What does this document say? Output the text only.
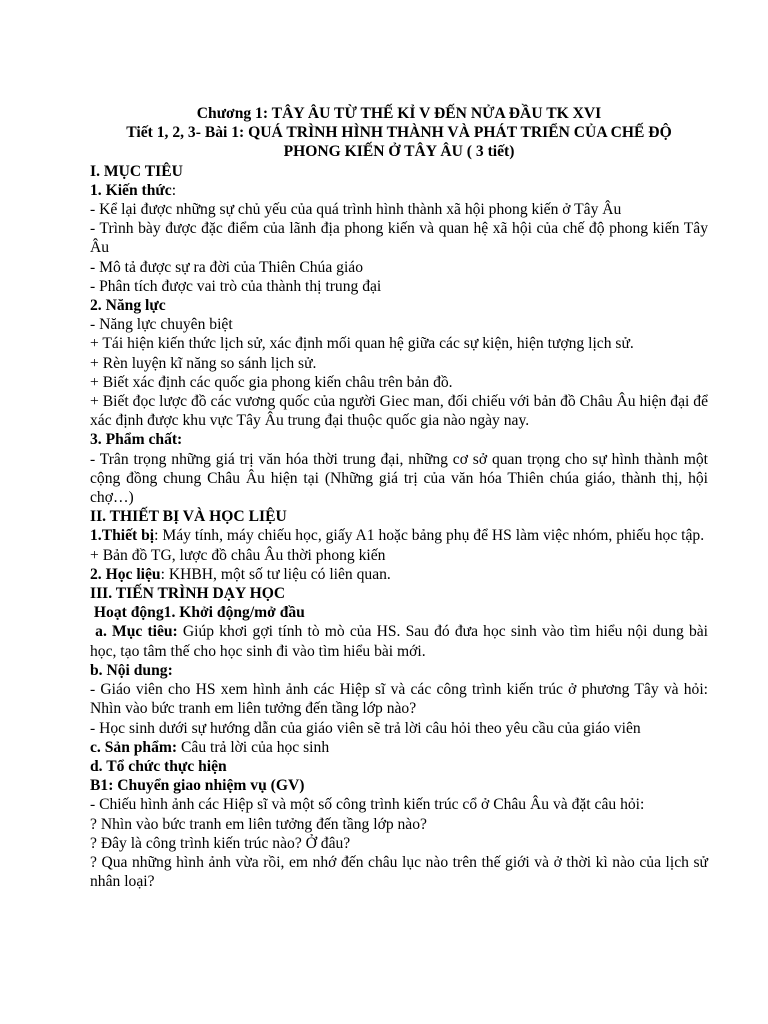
Chương 1: TÂY ÂU TỪ THẾ KỈ V ĐẾN NỬA ĐẦU TK XVI

Tiết 1, 2, 3- Bài 1: QUÁ TRÌNH HÌNH THÀNH VÀ PHÁT TRIỂN CỦA CHẾ ĐỘ

PHONG KIẾN Ở TÂY ÂU ( 3 tiết)

I. MỤC TIÊU

1. Kiến thức:

- Kể lại được những sự chủ yếu của quá trình hình thành xã hội phong kiến ở Tây Âu

- Trình bày được đặc điểm của lãnh địa phong kiến và quan hệ xã hội của chế độ phong kiến Tây Âu

- Mô tả được sự ra đời của Thiên Chúa giáo

- Phân tích được vai trò của thành thị trung đại

2. Năng lực

- Năng lực chuyên biệt

+ Tái hiện kiến thức lịch sử, xác định mối quan hệ giữa các sự kiện, hiện tượng lịch sử.

+ Rèn luyện kĩ năng so sánh lịch sử.

+ Biết xác định các quốc gia phong kiến châu trên bản đồ.

+ Biết đọc lược đồ các vương quốc của người Giec man, đối chiếu với bản đồ Châu Âu hiện đại để xác định được khu vực Tây Âu trung đại thuộc quốc gia nào ngày nay.

3. Phẩm chất:

- Trân trọng những giá trị văn hóa thời trung đại, những cơ sở quan trọng cho sự hình thành một cộng đồng chung Châu Âu hiện tại (Những giá trị của văn hóa Thiên chúa giáo, thành thị, hội chợ…)

II. THIẾT BỊ VÀ HỌC LIỆU

1.Thiết bị: Máy tính, máy chiếu học, giấy A1 hoặc bảng phụ để HS làm việc nhóm, phiếu học tập.

+ Bản đồ TG, lược đồ châu Âu thời phong kiến

2. Học liệu: KHBH, một số tư liệu có liên quan.

III. TIẾN TRÌNH DẠY HỌC

Hoạt động1. Khởi động/mở đầu

a. Mục tiêu: Giúp khơi gợi tính tò mò của HS. Sau đó đưa học sinh vào tìm hiểu nội dung bài học, tạo tâm thế cho học sinh đi vào tìm hiểu bài mới.

b. Nội dung:

- Giáo viên cho HS xem hình ảnh các Hiệp sĩ và các công trình kiến trúc ở phương Tây và hỏi: Nhìn vào bức tranh em liên tưởng đến tầng lớp nào?

- Học sinh dưới sự hướng dẫn của giáo viên sẽ trả lời câu hỏi theo yêu cầu của giáo viên

c. Sản phẩm: Câu trả lời của học sinh

d. Tổ chức thực hiện

B1: Chuyển giao nhiệm vụ (GV)

- Chiếu hình ảnh các Hiệp sĩ và một số công trình kiến trúc cổ ở Châu Âu và đặt câu hỏi:

? Nhìn vào bức tranh em liên tưởng đến tầng lớp nào?

? Đây là công trình kiến trúc nào? Ở đâu?

? Qua những hình ảnh vừa rồi, em nhớ đến châu lục nào trên thế giới và ở thời kì nào của lịch sử nhân loại?
